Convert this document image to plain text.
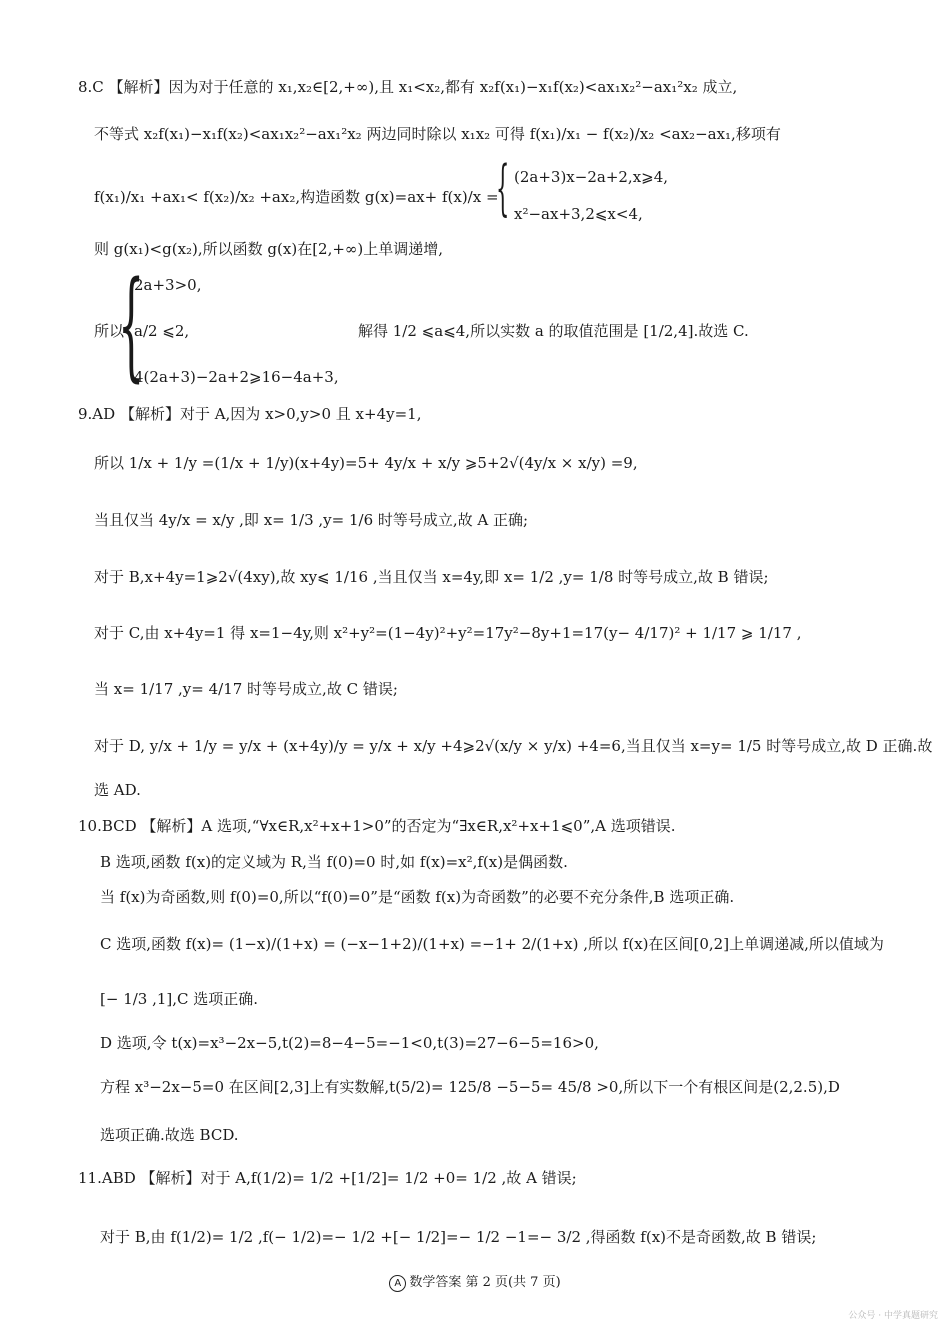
8.C 【解析】因为对于任意的 x₁,x₂∈[2,+∞),且 x₁<x₂,都有 x₂f(x₁)−x₁f(x₂)<ax₁x₂²−ax₁²x₂ 成立,
不等式 x₂f(x₁)−x₁f(x₂)<ax₁x₂²−ax₁²x₂ 两边同时除以 x₁x₂ 可得 f(x₁)/x₁ − f(x₂)/x₂ <ax₂−ax₁,移项有
f(x₁)/x₁ +ax₁< f(x₂)/x₂ +ax₂,构造函数 g(x)=ax+ f(x)/x =
{ (2a+3)x−2a+2,x⩾4,
x²−ax+3,2⩽x<4,
则 g(x₁)<g(x₂),所以函数 g(x)在[2,+∞)上单调递增,
所以
{
2a+3>0,
a/2 ⩽2,
4(2a+3)−2a+2⩾16−4a+3,
解得 1/2 ⩽a⩽4,所以实数 a 的取值范围是 [1/2,4].故选 C.
9.AD 【解析】对于 A,因为 x>0,y>0 且 x+4y=1,
所以 1/x + 1/y =(1/x + 1/y)(x+4y)=5+ 4y/x + x/y ⩾5+2√(4y/x × x/y) =9,
当且仅当 4y/x = x/y ,即 x= 1/3 ,y= 1/6 时等号成立,故 A 正确;
对于 B,x+4y=1⩾2√(4xy),故 xy⩽ 1/16 ,当且仅当 x=4y,即 x= 1/2 ,y= 1/8 时等号成立,故 B 错误;
对于 C,由 x+4y=1 得 x=1−4y,则 x²+y²=(1−4y)²+y²=17y²−8y+1=17(y− 4/17)² + 1/17 ⩾ 1/17 ,
当 x= 1/17 ,y= 4/17 时等号成立,故 C 错误;
对于 D, y/x + 1/y = y/x + (x+4y)/y = y/x + x/y +4⩾2√(x/y × y/x) +4=6,当且仅当 x=y= 1/5 时等号成立,故 D 正确.故
选 AD.
10.BCD 【解析】A 选项,“∀x∈R,x²+x+1>0”的否定为“∃x∈R,x²+x+1⩽0”,A 选项错误.
B 选项,函数 f(x)的定义域为 R,当 f(0)=0 时,如 f(x)=x²,f(x)是偶函数.
当 f(x)为奇函数,则 f(0)=0,所以“f(0)=0”是“函数 f(x)为奇函数”的必要不充分条件,B 选项正确.
C 选项,函数 f(x)= (1−x)/(1+x) = (−x−1+2)/(1+x) =−1+ 2/(1+x) ,所以 f(x)在区间[0,2]上单调递减,所以值域为
[− 1/3 ,1],C 选项正确.
D 选项,令 t(x)=x³−2x−5,t(2)=8−4−5=−1<0,t(3)=27−6−5=16>0,
方程 x³−2x−5=0 在区间[2,3]上有实数解,t(5/2)= 125/8 −5−5= 45/8 >0,所以下一个有根区间是(2,2.5),D
选项正确.故选 BCD.
11.ABD 【解析】对于 A,f(1/2)= 1/2 +[1/2]= 1/2 +0= 1/2 ,故 A 错误;
对于 B,由 f(1/2)= 1/2 ,f(− 1/2)=− 1/2 +[− 1/2]=− 1/2 −1=− 3/2 ,得函数 f(x)不是奇函数,故 B 错误;
A 数学答案 第 2 页(共 7 页)
公众号 · 中学真题研究
